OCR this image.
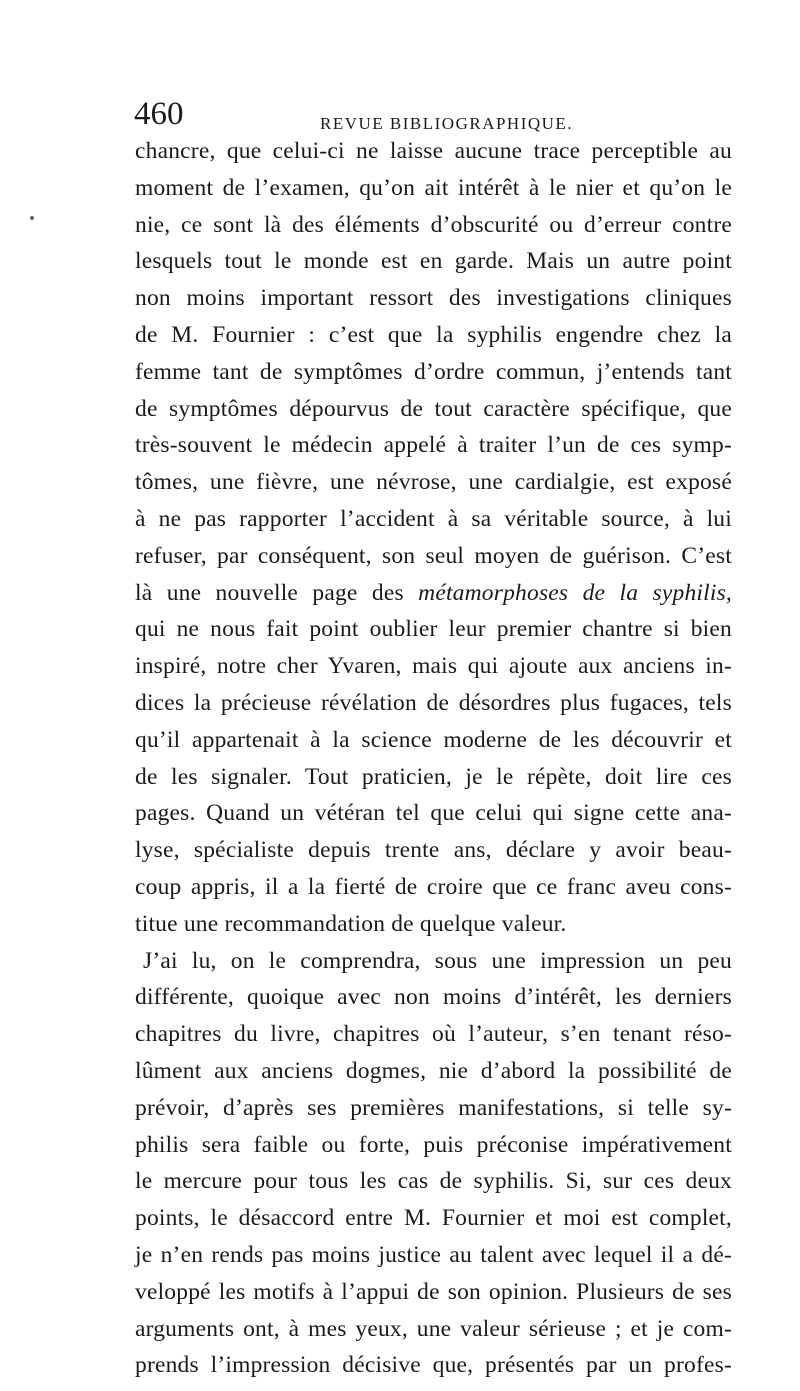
460	REVUE BIBLIOGRAPHIQUE.
chancre, que celui-ci ne laisse aucune trace perceptible au
moment de l’examen, qu’on ait intérêt à le nier et qu’on le
nie, ce sont là des éléments d’obscurité ou d’erreur contre
lesquels tout le monde est en garde. Mais un autre point
non moins important ressort des investigations cliniques
de M. Fournier : c’est que la syphilis engendre chez la
femme tant de symptômes d’ordre commun, j’entends tant
de symptômes dépourvus de tout caractère spécifique, que
très-souvent le médecin appelé à traiter l’un de ces symp-
tômes, une fièvre, une névrose, une cardialgie, est exposé
à ne pas rapporter l’accident à sa véritable source, à lui
refuser, par conséquent, son seul moyen de guérison. C’est
là une nouvelle page des métamorphoses de la syphilis,
qui ne nous fait point oublier leur premier chantre si bien
inspiré, notre cher Yvaren, mais qui ajoute aux anciens in-
dices la précieuse révélation de désordres plus fugaces, tels
qu’il appartenait à la science moderne de les découvrir et
de les signaler. Tout praticien, je le répète, doit lire ces
pages. Quand un vétéran tel que celui qui signe cette ana-
lyse, spécialiste depuis trente ans, déclare y avoir beau-
coup appris, il a la fierté de croire que ce franc aveu cons-
titue une recommandation de quelque valeur.
J’ai lu, on le comprendra, sous une impression un peu
différente, quoique avec non moins d’intérêt, les derniers
chapitres du livre, chapitres où l’auteur, s’en tenant réso-
lûment aux anciens dogmes, nie d’abord la possibilité de
prévoir, d’après ses premières manifestations, si telle sy-
philis sera faible ou forte, puis préconise impérativement
le mercure pour tous les cas de syphilis. Si, sur ces deux
points, le désaccord entre M. Fournier et moi est complet,
je n’en rends pas moins justice au talent avec lequel il a dé-
veloppé les motifs à l’appui de son opinion. Plusieurs de ses
arguments ont, à mes yeux, une valeur sérieuse ; et je com-
prends l’impression décisive que, présentés par un profes-
